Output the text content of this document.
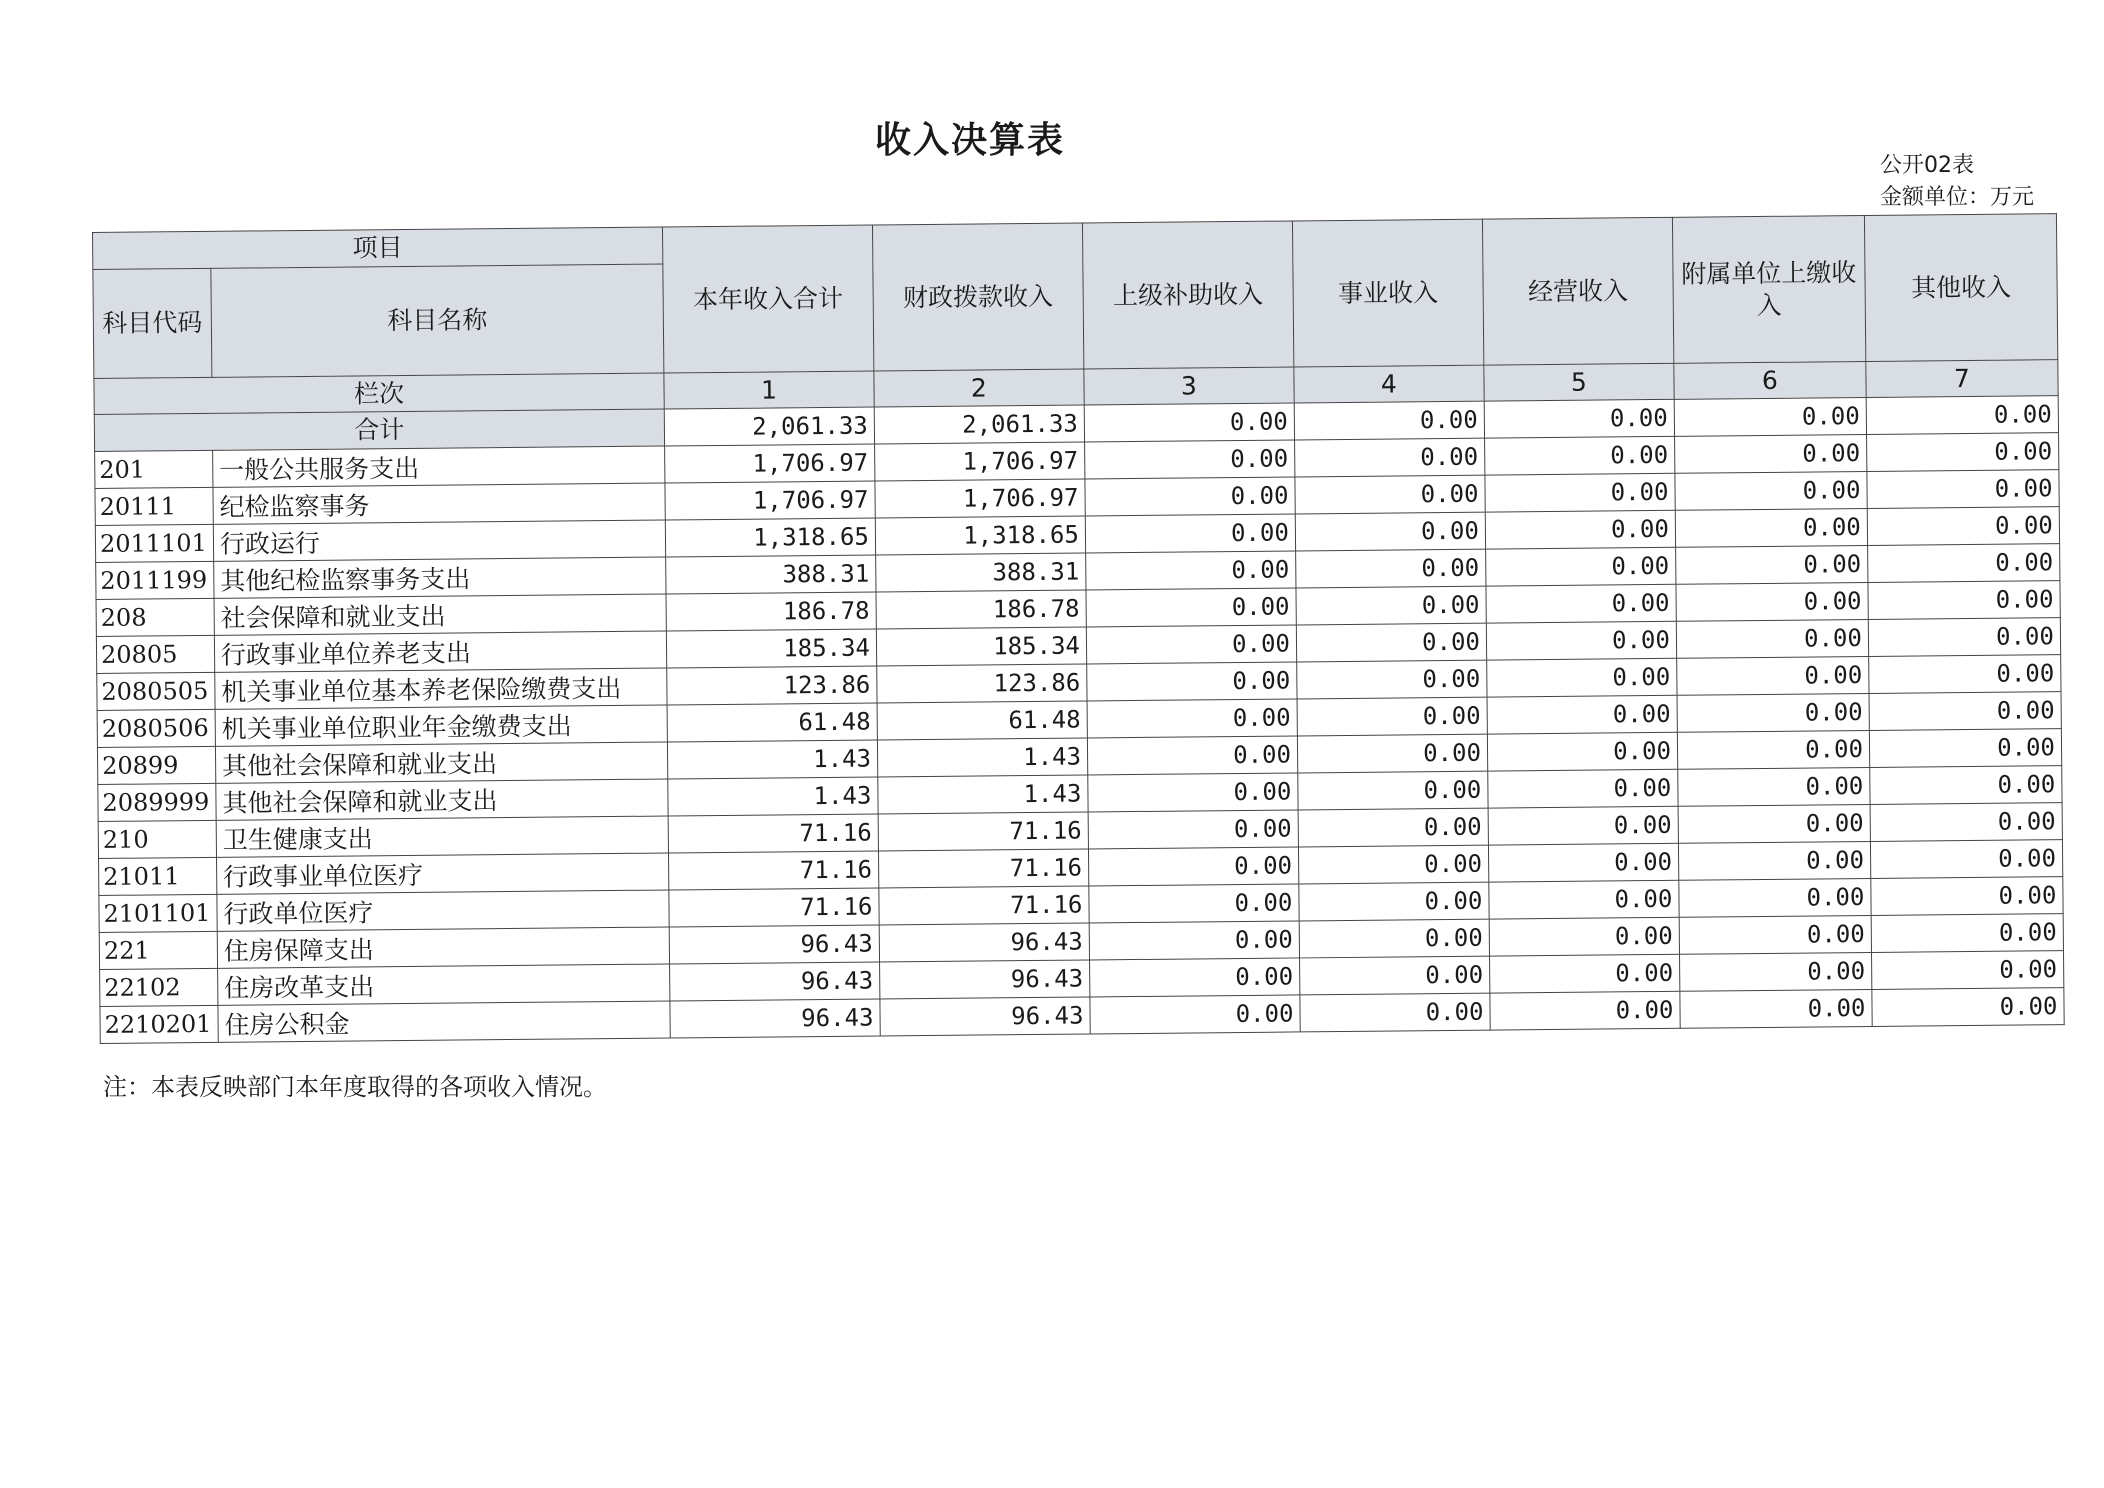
收入决算表
公开02表
金额单位：万元
项目		本年收入合计	财政拨款收入	上级补助收入	事业收入	经营收入	附属单位上缴收入	其他收入
科目代码	科目名称							
栏次		1	2	3	4	5	6	7
合计		2,061.33	2,061.33	0.00	0.00	0.00	0.00	0.00
201	一般公共服务支出	1,706.97	1,706.97	0.00	0.00	0.00	0.00	0.00
20111	纪检监察事务	1,706.97	1,706.97	0.00	0.00	0.00	0.00	0.00
2011101	行政运行	1,318.65	1,318.65	0.00	0.00	0.00	0.00	0.00
2011199	其他纪检监察事务支出	388.31	388.31	0.00	0.00	0.00	0.00	0.00
208	社会保障和就业支出	186.78	186.78	0.00	0.00	0.00	0.00	0.00
20805	行政事业单位养老支出	185.34	185.34	0.00	0.00	0.00	0.00	0.00
2080505	机关事业单位基本养老保险缴费支出	123.86	123.86	0.00	0.00	0.00	0.00	0.00
2080506	机关事业单位职业年金缴费支出	61.48	61.48	0.00	0.00	0.00	0.00	0.00
20899	其他社会保障和就业支出	1.43	1.43	0.00	0.00	0.00	0.00	0.00
2089999	其他社会保障和就业支出	1.43	1.43	0.00	0.00	0.00	0.00	0.00
210	卫生健康支出	71.16	71.16	0.00	0.00	0.00	0.00	0.00
21011	行政事业单位医疗	71.16	71.16	0.00	0.00	0.00	0.00	0.00
2101101	行政单位医疗	71.16	71.16	0.00	0.00	0.00	0.00	0.00
221	住房保障支出	96.43	96.43	0.00	0.00	0.00	0.00	0.00
22102	住房改革支出	96.43	96.43	0.00	0.00	0.00	0.00	0.00
2210201	住房公积金	96.43	96.43	0.00	0.00	0.00	0.00	0.00
注：本表反映部门本年度取得的各项收入情况。
